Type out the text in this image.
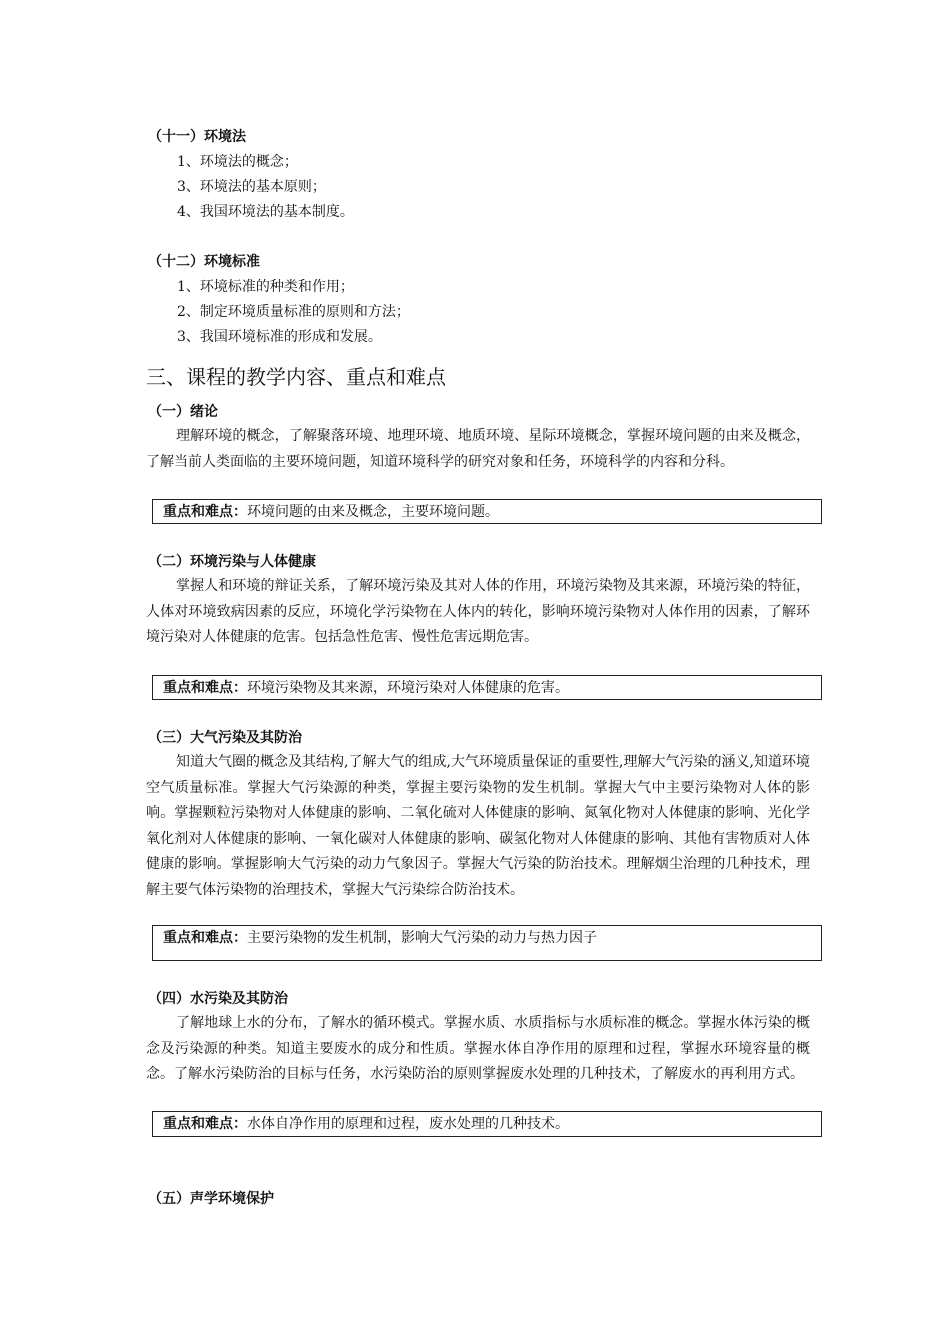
（十一）环境法
1、环境法的概念；
3、环境法的基本原则；
4、我国环境法的基本制度。
（十二）环境标准
1、环境标准的种类和作用；
2、制定环境质量标准的原则和方法；
3、我国环境标准的形成和发展。
三、课程的教学内容、重点和难点
（一）绪论
理解环境的概念，了解聚落环境、地理环境、地质环境、星际环境概念，掌握环境问题的由来及概念，了解当前人类面临的主要环境问题，知道环境科学的研究对象和任务，环境科学的内容和分科。
重点和难点：环境问题的由来及概念，主要环境问题。
（二）环境污染与人体健康
掌握人和环境的辩证关系，了解环境污染及其对人体的作用，环境污染物及其来源，环境污染的特征，人体对环境致病因素的反应，环境化学污染物在人体内的转化，影响环境污染物对人体作用的因素，了解环境污染对人体健康的危害。包括急性危害、慢性危害远期危害。
重点和难点：环境污染物及其来源，环境污染对人体健康的危害。
（三）大气污染及其防治
知道大气圈的概念及其结构,了解大气的组成,大气环境质量保证的重要性,理解大气污染的涵义,知道环境空气质量标准。掌握大气污染源的种类，掌握主要污染物的发生机制。掌握大气中主要污染物对人体的影响。掌握颗粒污染物对人体健康的影响、二氧化硫对人体健康的影响、氮氧化物对人体健康的影响、光化学氧化剂对人体健康的影响、一氧化碳对人体健康的影响、碳氢化物对人体健康的影响、其他有害物质对人体健康的影响。掌握影响大气污染的动力气象因子。掌握大气污染的防治技术。理解烟尘治理的几种技术，理解主要气体污染物的治理技术，掌握大气污染综合防治技术。
重点和难点：主要污染物的发生机制，影响大气污染的动力与热力因子
（四）水污染及其防治
了解地球上水的分布，了解水的循环模式。掌握水质、水质指标与水质标准的概念。掌握水体污染的概念及污染源的种类。知道主要废水的成分和性质。掌握水体自净作用的原理和过程，掌握水环境容量的概念。了解水污染防治的目标与任务，水污染防治的原则掌握废水处理的几种技术，了解废水的再利用方式。
重点和难点：水体自净作用的原理和过程，废水处理的几种技术。
（五）声学环境保护
